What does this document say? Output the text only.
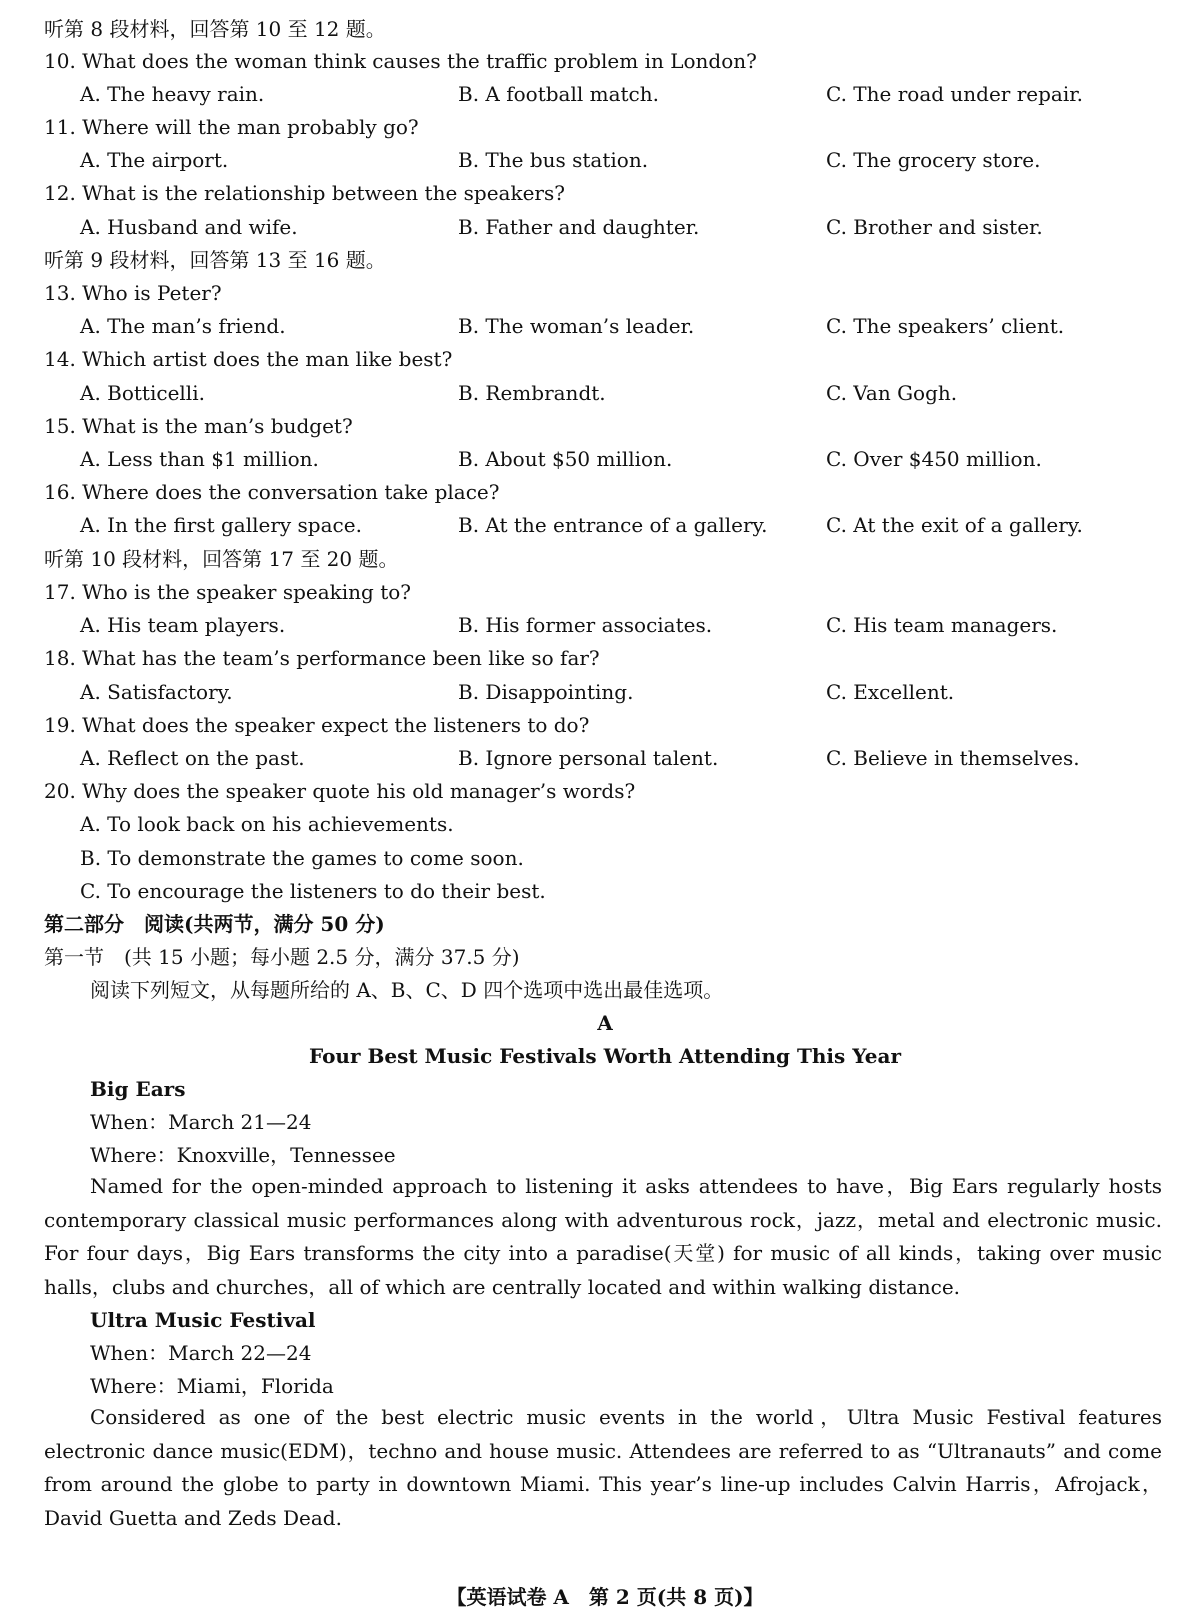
听第 8 段材料，回答第 10 至 12 题。
10. What does the woman think causes the traffic problem in London?
A. The heavy rain.	B. A football match.	C. The road under repair.
11. Where will the man probably go?
A. The airport.	B. The bus station.	C. The grocery store.
12. What is the relationship between the speakers?
A. Husband and wife.	B. Father and daughter.	C. Brother and sister.
听第 9 段材料，回答第 13 至 16 题。
13. Who is Peter?
A. The man’s friend.	B. The woman’s leader.	C. The speakers’ client.
14. Which artist does the man like best?
A. Botticelli.	B. Rembrandt.	C. Van Gogh.
15. What is the man’s budget?
A. Less than $1 million.	B. About $50 million.	C. Over $450 million.
16. Where does the conversation take place?
A. In the first gallery space.	B. At the entrance of a gallery.	C. At the exit of a gallery.
听第 10 段材料，回答第 17 至 20 题。
17. Who is the speaker speaking to?
A. His team players.	B. His former associates.	C. His team managers.
18. What has the team’s performance been like so far?
A. Satisfactory.	B. Disappointing.	C. Excellent.
19. What does the speaker expect the listeners to do?
A. Reflect on the past.	B. Ignore personal talent.	C. Believe in themselves.
20. Why does the speaker quote his old manager’s words?
A. To look back on his achievements.
B. To demonstrate the games to come soon.
C. To encourage the listeners to do their best.
第二部分　阅读(共两节，满分 50 分)
第一节　(共 15 小题；每小题 2.5 分，满分 37.5 分)
阅读下列短文，从每题所给的 A、B、C、D 四个选项中选出最佳选项。
A
Four Best Music Festivals Worth Attending This Year
Big Ears
When：March 21—24
Where：Knoxville，Tennessee

Named for the open-minded approach to listening it asks attendees to have，Big Ears regularly hosts contemporary classical music performances along with adventurous rock，jazz，metal and electronic music. For four days，Big Ears transforms the city into a paradise(天堂) for music of all kinds，taking over music halls，clubs and churches，all of which are centrally located and within walking distance.

Ultra Music Festival
When：March 22—24
Where：Miami，Florida

Considered as one of the best electric music events in the world，Ultra Music Festival features electronic dance music(EDM)，techno and house music. Attendees are referred to as “Ultranauts” and come from around the globe to party in downtown Miami. This year’s line-up includes Calvin Harris，Afrojack，David Guetta and Zeds Dead.

【英语试卷 A　第 2 页(共 8 页)】
